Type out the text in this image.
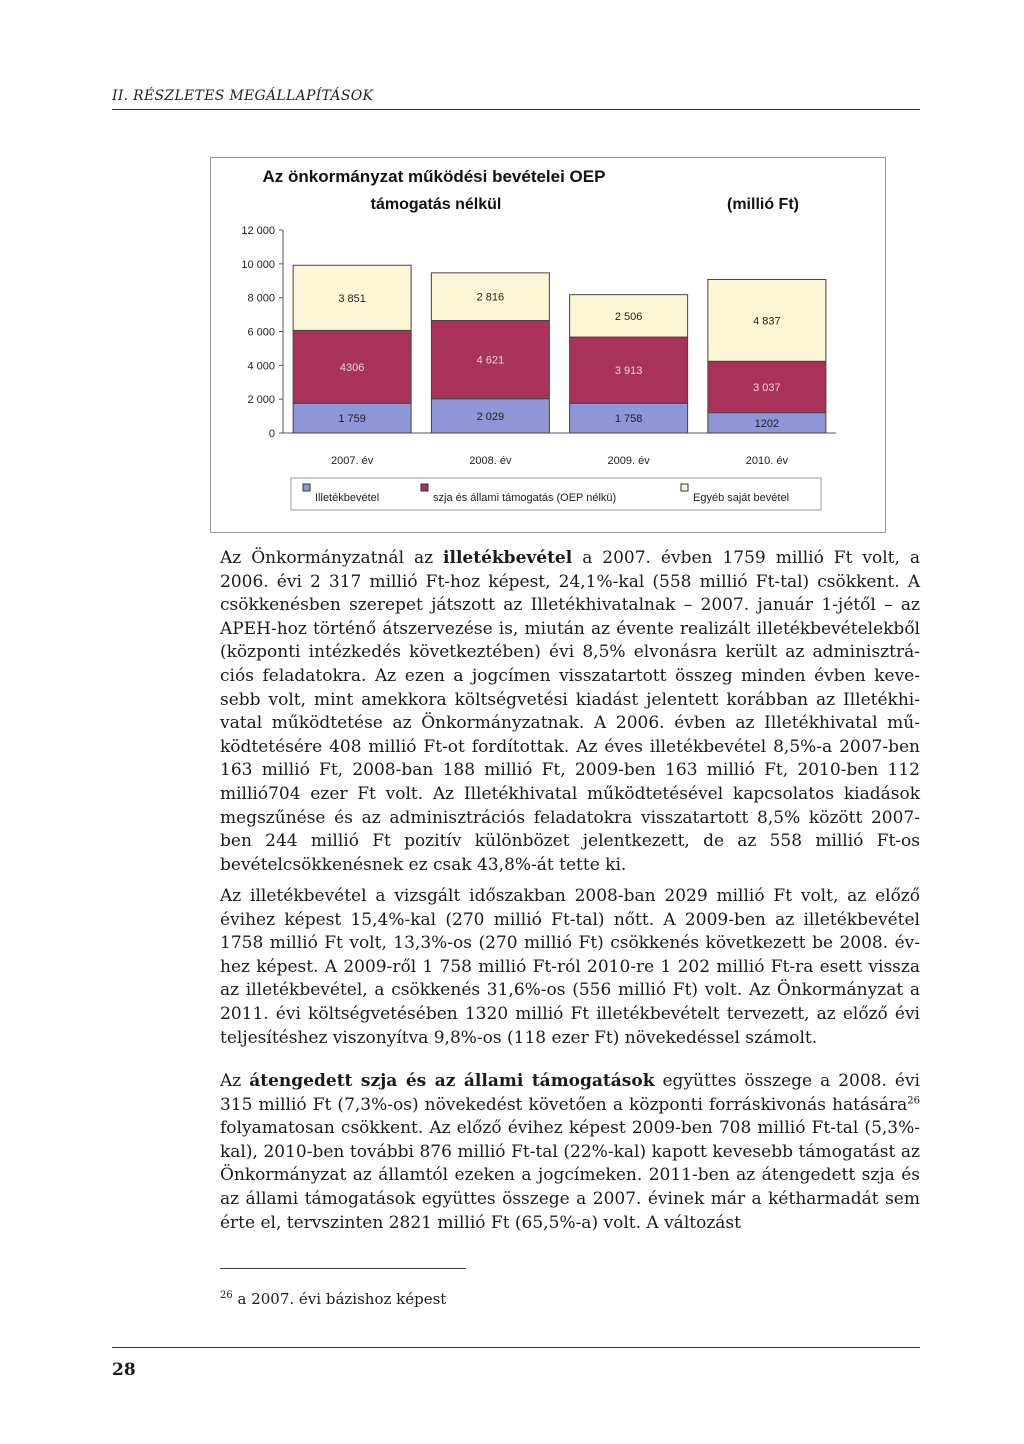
II. RÉSZLETES MEGÁLLAPÍTÁSOK
Az önkormányzat működési bevételei OEP
támogatás nélkül	(millió Ft)
0
2 000
4 000
6 000
8 000
10 000
12 000
1 759
4306
3 851
2007. év
2 029
4 621
2 816
2008. év
1 758
3 913
2 506
2009. év
1202
3 037
4 837
2010. év
Illetékbevétel	szja és állami támogatás (OEP nélkü)	Egyéb saját bevétel

Az Önkormányzatnál az illetékbevétel a 2007. évben 1759 millió Ft volt, a 2006. évi 2 317 millió Ft-hoz képest, 24,1%-kal (558 millió Ft-tal) csökkent. A csökkenésben szerepet játszott az Illetékhivatalnak – 2007. január 1-jétől – az APEH-hoz történő átszervezése is, miután az évente realizált illetékbevételekből (központi intézkedés következtében) évi 8,5% elvonásra került az adminisztrációs feladatokra. Az ezen a jogcímen visszatartott összeg minden évben kevesebb volt, mint amekkora költségvetési kiadást jelentett korábban az Illetékhivatal működtetése az Önkormányzatnak. A 2006. évben az Illetékhivatal működtetésére 408 millió Ft-ot fordítottak. Az éves illetékbevétel 8,5%-a 2007-ben 163 millió Ft, 2008-ban 188 millió Ft, 2009-ben 163 millió Ft, 2010-ben 112 millió704 ezer Ft volt. Az Illetékhivatal működtetésével kapcsolatos kiadások megszűnése és az adminisztrációs feladatokra visszatartott 8,5% között 2007-ben 244 millió Ft pozitív különbözet jelentkezett, de az 558 millió Ft-os bevételcsökkenésnek ez csak 43,8%-át tette ki.

Az illetékbevétel a vizsgált időszakban 2008-ban 2029 millió Ft volt, az előző évihez képest 15,4%-kal (270 millió Ft-tal) nőtt. A 2009-ben az illetékbevétel 1758 millió Ft volt, 13,3%-os (270 millió Ft) csökkenés következett be 2008. évhez képest. A 2009-ről 1 758 millió Ft-ról 2010-re 1 202 millió Ft-ra esett vissza az illetékbevétel, a csökkenés 31,6%-os (556 millió Ft) volt. Az Önkormányzat a 2011. évi költségvetésében 1320 millió Ft illetékbevételt tervezett, az előző évi teljesítéshez viszonyítva 9,8%-os (118 ezer Ft) növekedéssel számolt.

Az átengedett szja és az állami támogatások együttes összege a 2008. évi 315 millió Ft (7,3%-os) növekedést követően a központi forráskivonás hatására$^{26}$ folyamatosan csökkent. Az előző évihez képest 2009-ben 708 millió Ft-tal (5,3%-kal), 2010-ben további 876 millió Ft-tal (22%-kal) kapott kevesebb támogatást az Önkormányzat az államtól ezeken a jogcímeken. 2011-ben az átengedett szja és az állami támogatások együttes összege a 2007. évinek már a kétharmadát sem érte el, tervszinten 2821 millió Ft (65,5%-a) volt. A változást

$^{26}$ a 2007. évi bázishoz képest
28
